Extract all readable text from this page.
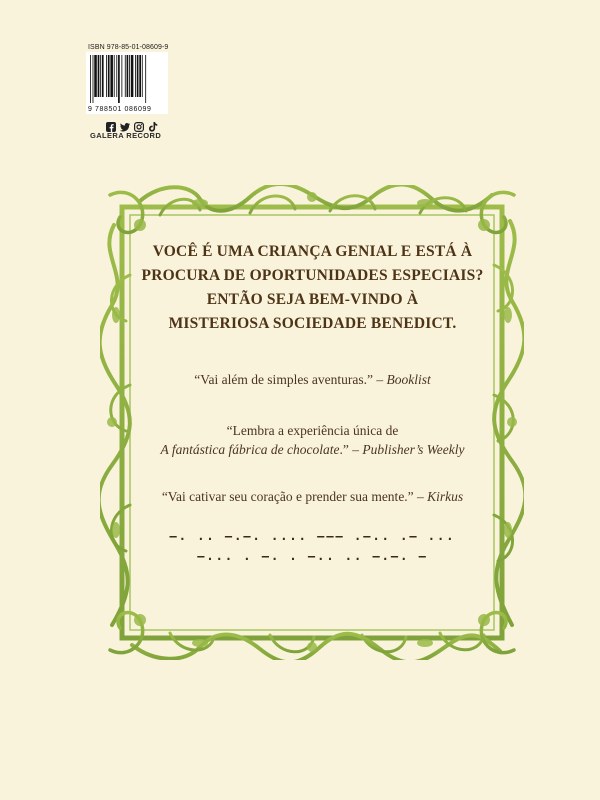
ISBN 978-85-01-08609-9
9 788501 086099
GALERA RECORD
VOCÊ É UMA CRIANÇA GENIAL E ESTÁ À
PROCURA DE OPORTUNIDADES ESPECIAIS?
ENTÃO SEJA BEM-VINDO À
MISTERIOSA SOCIEDADE BENEDICT.
“Vai além de simples aventuras.” – Booklist
“Lembra a experiência única de
A fantástica fábrica de chocolate.” – Publisher’s Weekly
“Vai cativar seu coração e prender sua mente.” – Kirkus
–. .. –.–. .... ––– .–.. .– ...
–... . –. . –.. .. –.–. –
